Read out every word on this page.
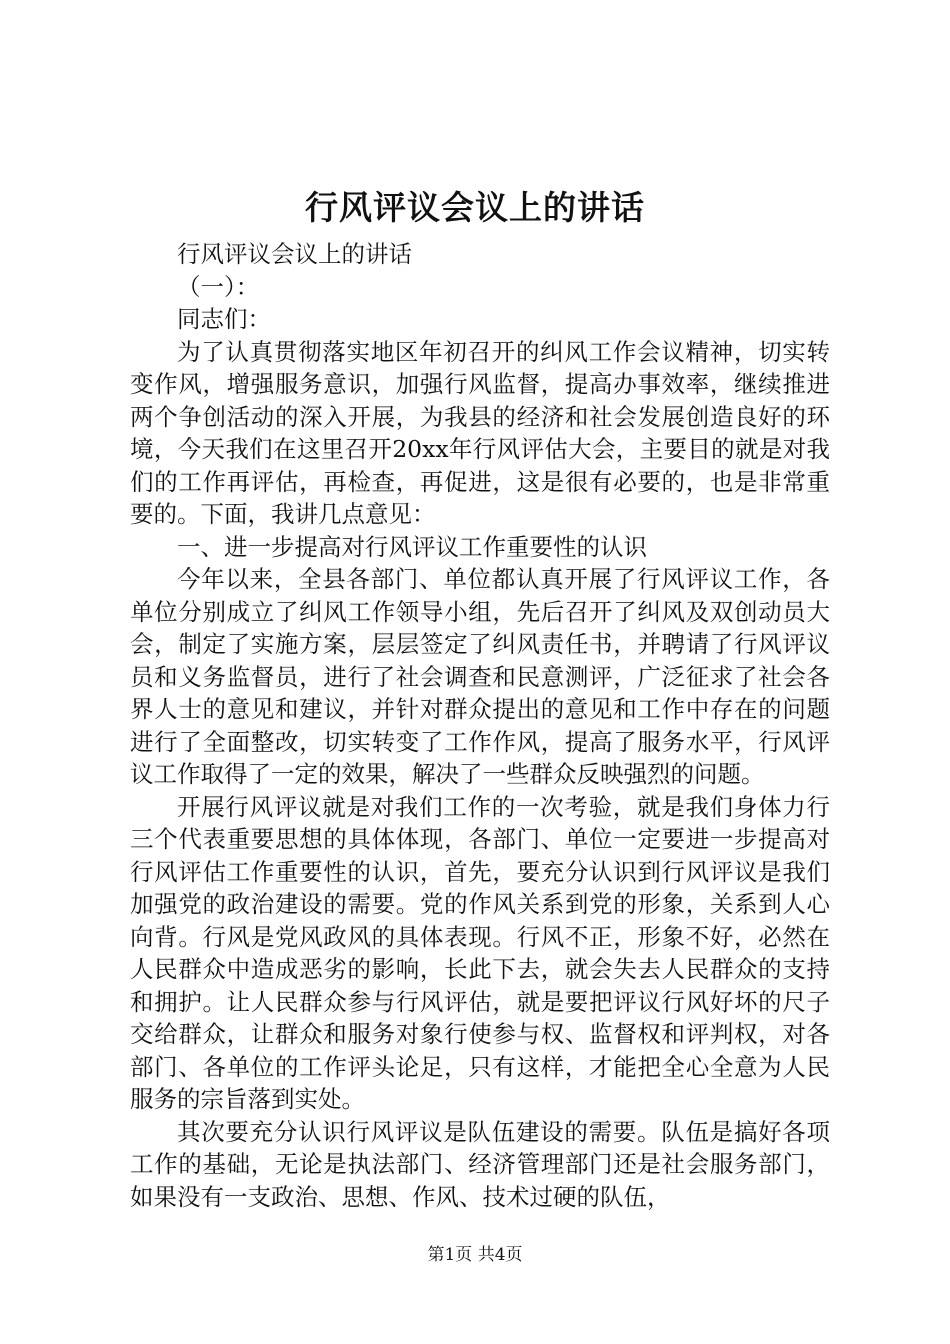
行风评议会议上的讲话

行风评议会议上的讲话

（一）：

同志们：

为了认真贯彻落实地区年初召开的纠风工作会议精神，切实转变作风，增强服务意识，加强行风监督，提高办事效率，继续推进两个争创活动的深入开展，为我县的经济和社会发展创造良好的环境，今天我们在这里召开20xx年行风评估大会，主要目的就是对我们的工作再评估，再检查，再促进，这是很有必要的，也是非常重要的。下面，我讲几点意见：

一、进一步提高对行风评议工作重要性的认识

今年以来，全县各部门、单位都认真开展了行风评议工作，各单位分别成立了纠风工作领导小组，先后召开了纠风及双创动员大会，制定了实施方案，层层签定了纠风责任书，并聘请了行风评议员和义务监督员，进行了社会调查和民意测评，广泛征求了社会各界人士的意见和建议，并针对群众提出的意见和工作中存在的问题进行了全面整改，切实转变了工作作风，提高了服务水平，行风评议工作取得了一定的效果，解决了一些群众反映强烈的问题。

开展行风评议就是对我们工作的一次考验，就是我们身体力行三个代表重要思想的具体体现，各部门、单位一定要进一步提高对行风评估工作重要性的认识，首先，要充分认识到行风评议是我们加强党的政治建设的需要。党的作风关系到党的形象，关系到人心向背。行风是党风政风的具体表现。行风不正，形象不好，必然在人民群众中造成恶劣的影响，长此下去，就会失去人民群众的支持和拥护。让人民群众参与行风评估，就是要把评议行风好坏的尺子交给群众，让群众和服务对象行使参与权、监督权和评判权，对各部门、各单位的工作评头论足，只有这样，才能把全心全意为人民服务的宗旨落到实处。

其次要充分认识行风评议是队伍建设的需要。队伍是搞好各项工作的基础，无论是执法部门、经济管理部门还是社会服务部门，如果没有一支政治、思想、作风、技术过硬的队伍，

第1页 共4页
